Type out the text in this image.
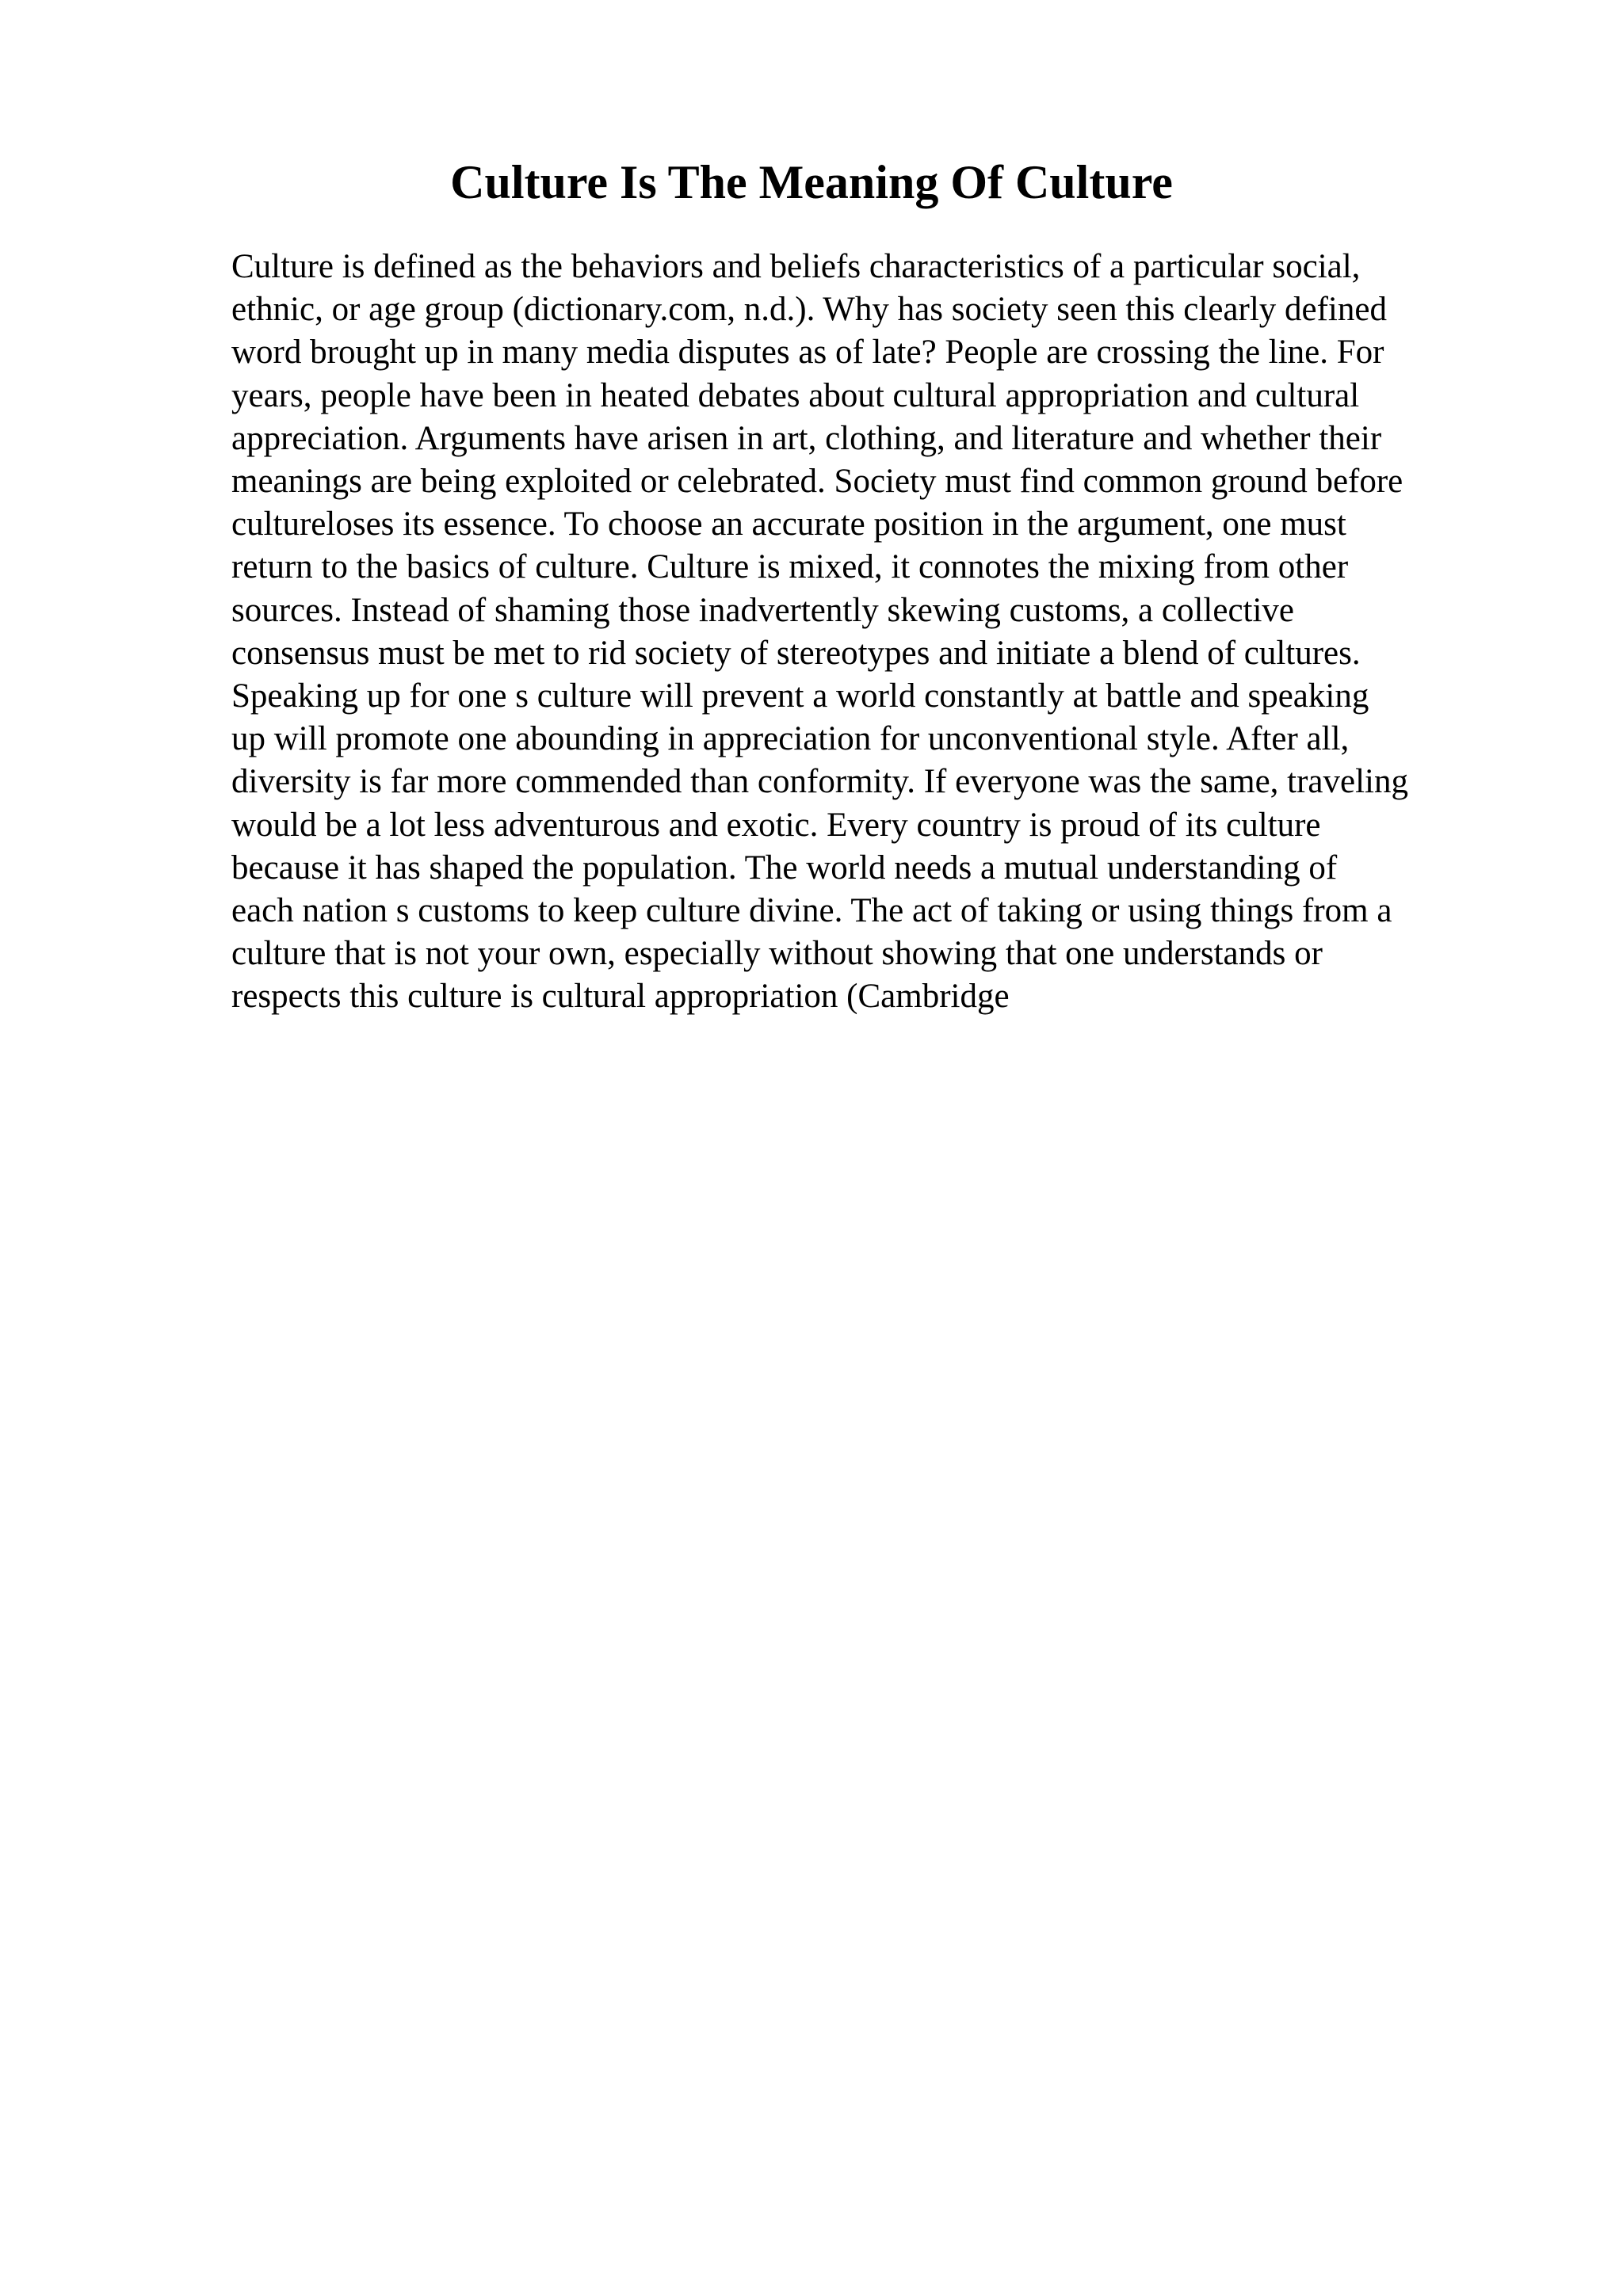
Culture Is The Meaning Of Culture
Culture is defined as the behaviors and beliefs characteristics of a particular social,
ethnic, or age group (dictionary.com, n.d.). Why has society seen this clearly defined
word brought up in many media disputes as of late? People are crossing the line. For
years, people have been in heated debates about cultural appropriation and cultural
appreciation. Arguments have arisen in art, clothing, and literature and whether their
meanings are being exploited or celebrated. Society must find common ground before
cultureloses its essence. To choose an accurate position in the argument, one must
return to the basics of culture. Culture is mixed, it connotes the mixing from other
sources. Instead of shaming those inadvertently skewing customs, a collective
consensus must be met to rid society of stereotypes and initiate a blend of cultures.
Speaking up for one s culture will prevent a world constantly at battle and speaking
up will promote one abounding in appreciation for unconventional style. After all,
diversity is far more commended than conformity. If everyone was the same, traveling
would be a lot less adventurous and exotic. Every country is proud of its culture
because it has shaped the population. The world needs a mutual understanding of
each nation s customs to keep culture divine. The act of taking or using things from a
culture that is not your own, especially without showing that one understands or
respects this culture is cultural appropriation (Cambridge
